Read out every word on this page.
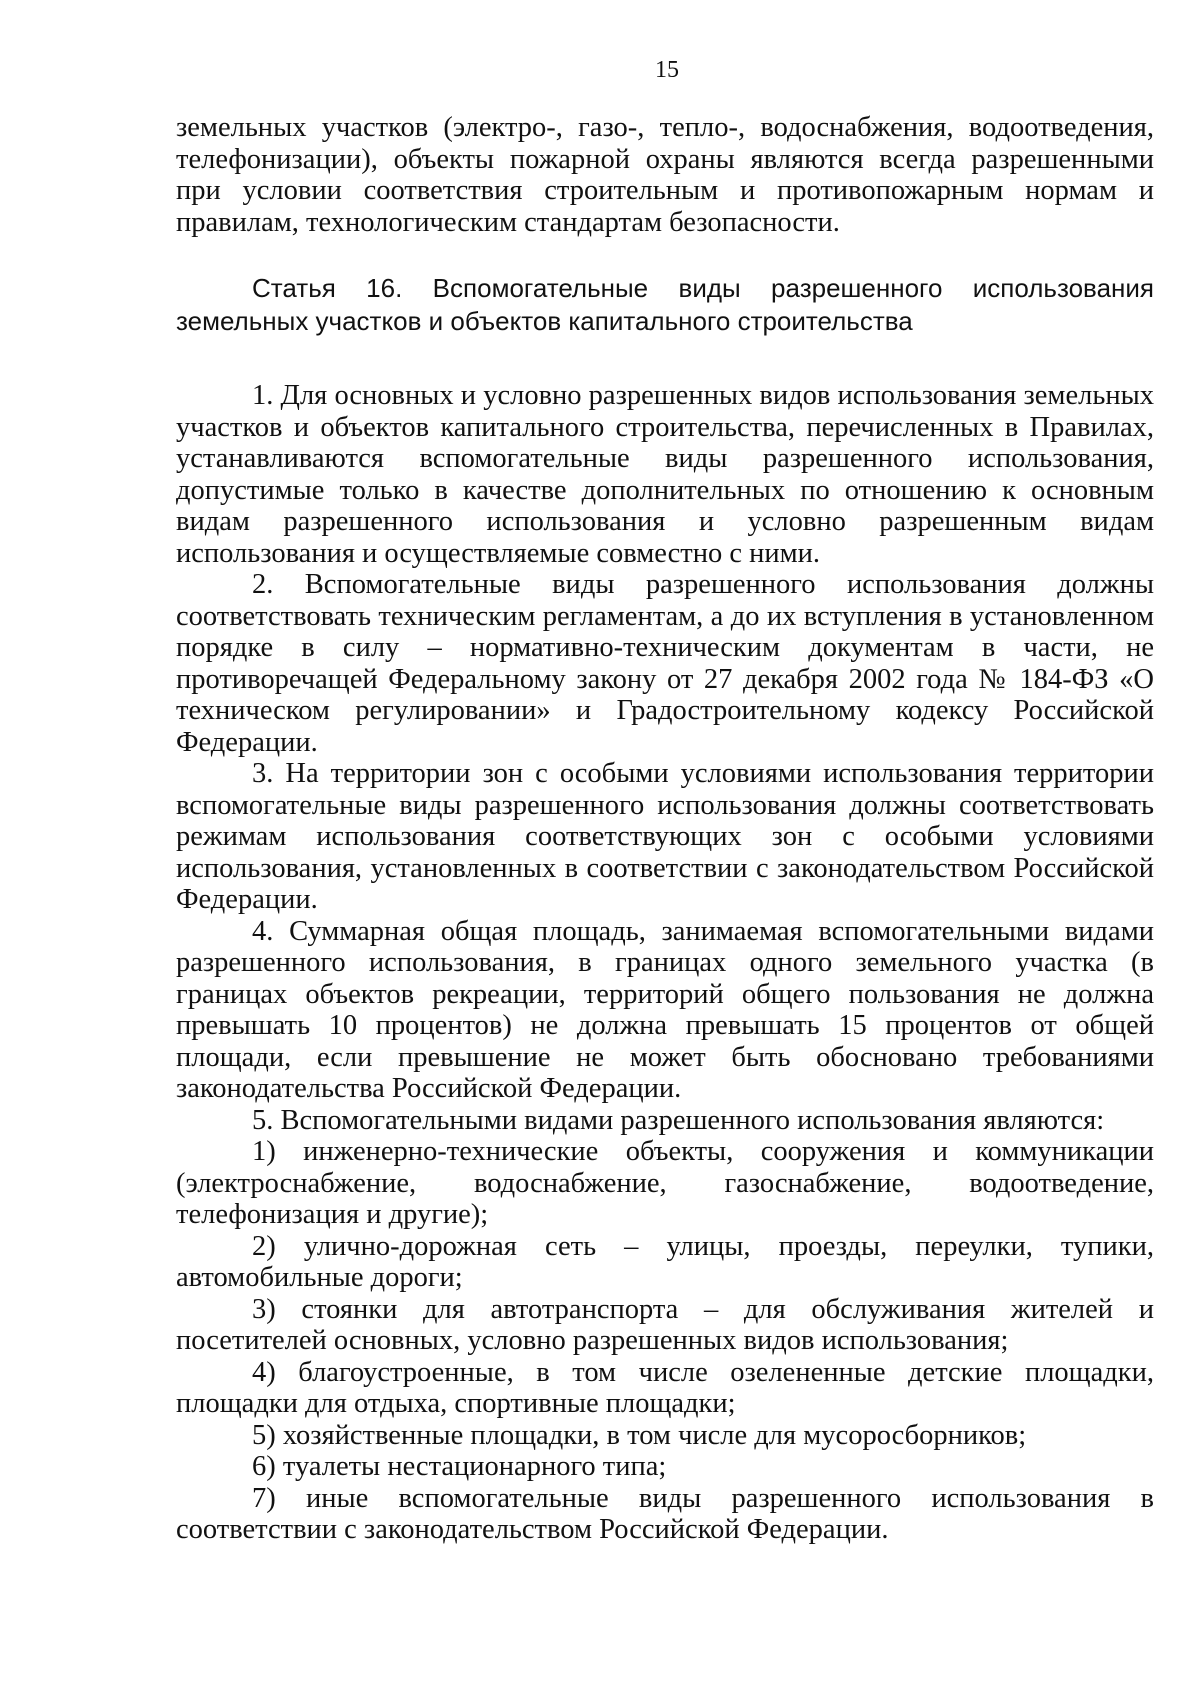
15

земельных участков (электро-, газо-, тепло-, водоснабжения, водоотведения, телефонизации), объекты пожарной охраны являются всегда разрешенными при условии соответствия строительным и противопожарным нормам и правилам, технологическим стандартам безопасности.

Статья 16. Вспомогательные виды разрешенного использования земельных участков и объектов капитального строительства

1. Для основных и условно разрешенных видов использования земельных участков и объектов капитального строительства, перечисленных в Правилах, устанавливаются вспомогательные виды разрешенного использования, допустимые только в качестве дополнительных по отношению к основным видам разрешенного использования и условно разрешенным видам использования и осуществляемые совместно с ними.

2. Вспомогательные виды разрешенного использования должны соответствовать техническим регламентам, а до их вступления в установленном порядке в силу – нормативно-техническим документам в части, не противоречащей Федеральному закону от 27 декабря 2002 года № 184-ФЗ «О техническом регулировании» и Градостроительному кодексу Российской Федерации.

3. На территории зон с особыми условиями использования территории вспомогательные виды разрешенного использования должны соответствовать режимам использования соответствующих зон с особыми условиями использования, установленных в соответствии с законодательством Российской Федерации.

4. Суммарная общая площадь, занимаемая вспомогательными видами разрешенного использования, в границах одного земельного участка (в границах объектов рекреации, территорий общего пользования не должна превышать 10 процентов) не должна превышать 15 процентов от общей площади, если превышение не может быть обосновано требованиями законодательства Российской Федерации.

5. Вспомогательными видами разрешенного использования являются:

1) инженерно-технические объекты, сооружения и коммуникации (электроснабжение, водоснабжение, газоснабжение, водоотведение, телефонизация и другие);

2) улично-дорожная сеть – улицы, проезды, переулки, тупики, автомобильные дороги;

3) стоянки для автотранспорта – для обслуживания жителей и посетителей основных, условно разрешенных видов использования;

4) благоустроенные, в том числе озелененные детские площадки, площадки для отдыха, спортивные площадки;

5) хозяйственные площадки, в том числе для мусоросборников;

6) туалеты нестационарного типа;

7) иные вспомогательные виды разрешенного использования в соответствии с законодательством Российской Федерации.
